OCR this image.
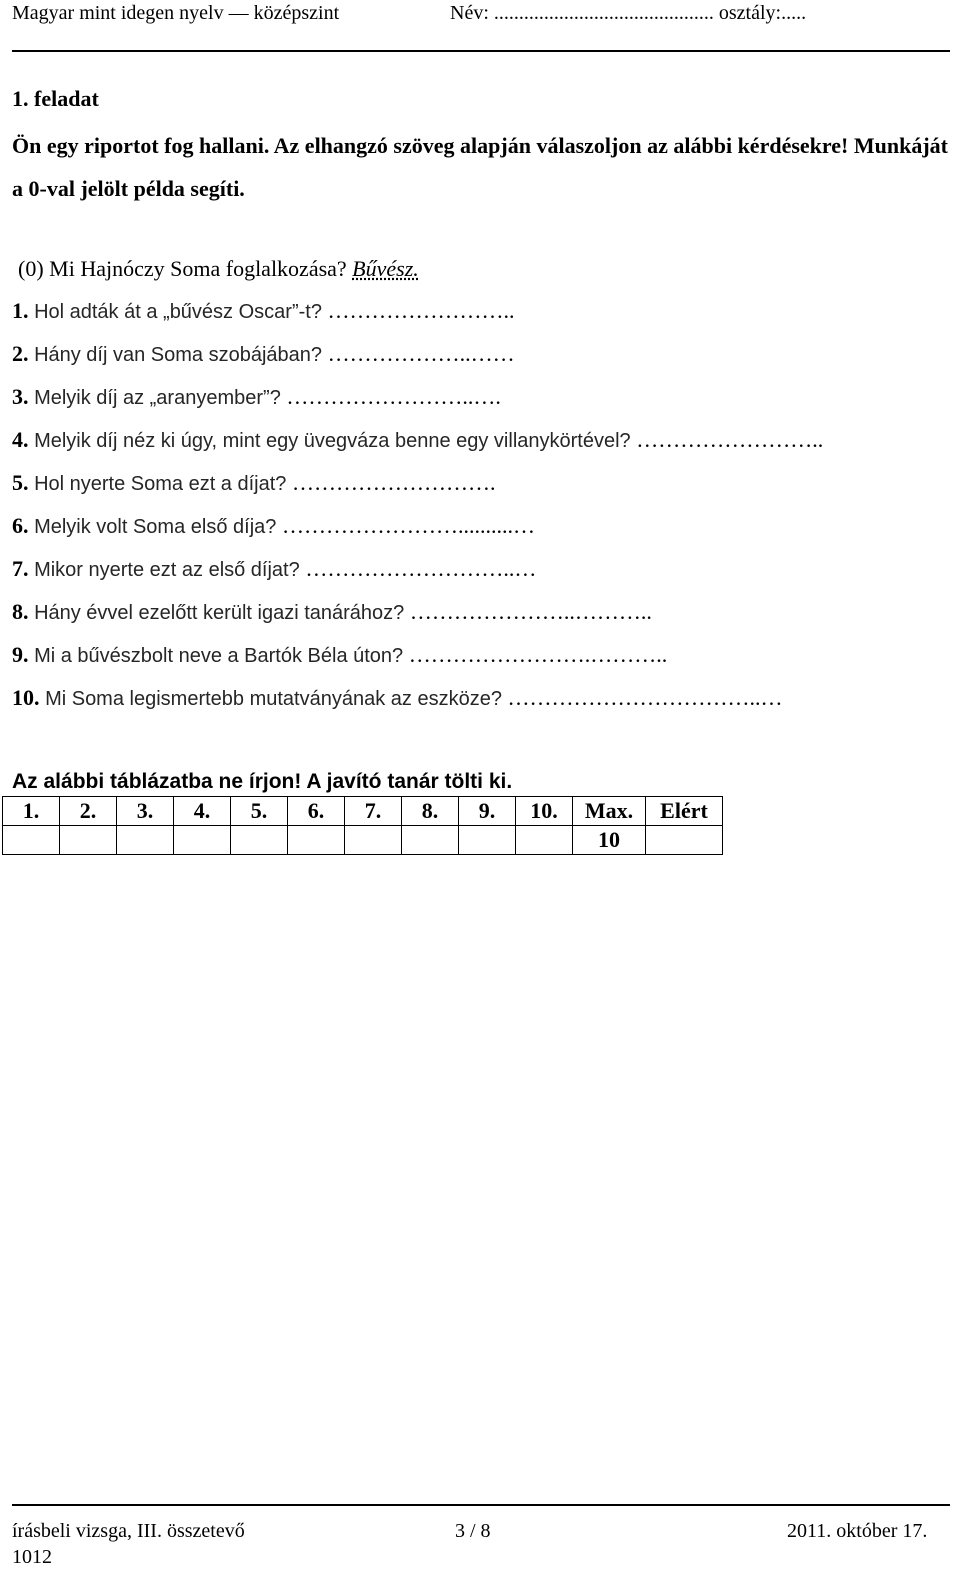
Magyar mint idegen nyelv — középszint	Név: ............................................ osztály:.....
1. feladat
Ön egy riportot fog hallani. Az elhangzó szöveg alapján válaszoljon az alábbi kérdésekre! Munkáját a 0-val jelölt példa segíti.
(0) Mi Hajnóczy Soma foglalkozása? Bűvész.
1. Hol adták át a „bűvész Oscar”-t? ……………………..
2. Hány díj van Soma szobájában? ………………..……
3. Melyik díj az „aranyember”? ……………………..….
4. Melyik díj néz ki úgy, mint egy üvegváza benne egy villanykörtével? ……………………..
5. Hol nyerte Soma ezt a díjat? ……………………….
6. Melyik volt Soma első díja? ……………………..........…
7. Mikor nyerte ezt az első díjat? ………………………..…
8. Hány évvel ezelőtt került igazi tanárához? …………………..………..
9. Mi a bűvészbolt neve a Bartók Béla úton? …………………….………..
10. Mi Soma legismertebb mutatványának az eszköze? ……………………………..…
Az alábbi táblázatba ne írjon! A javító tanár tölti ki.
1.	2.	3.	4.	5.	6.	7.	8.	9.	10.	Max.	Elért
										10	
írásbeli vizsga, III. összetevő	3 / 8	2011. október 17.
1012
